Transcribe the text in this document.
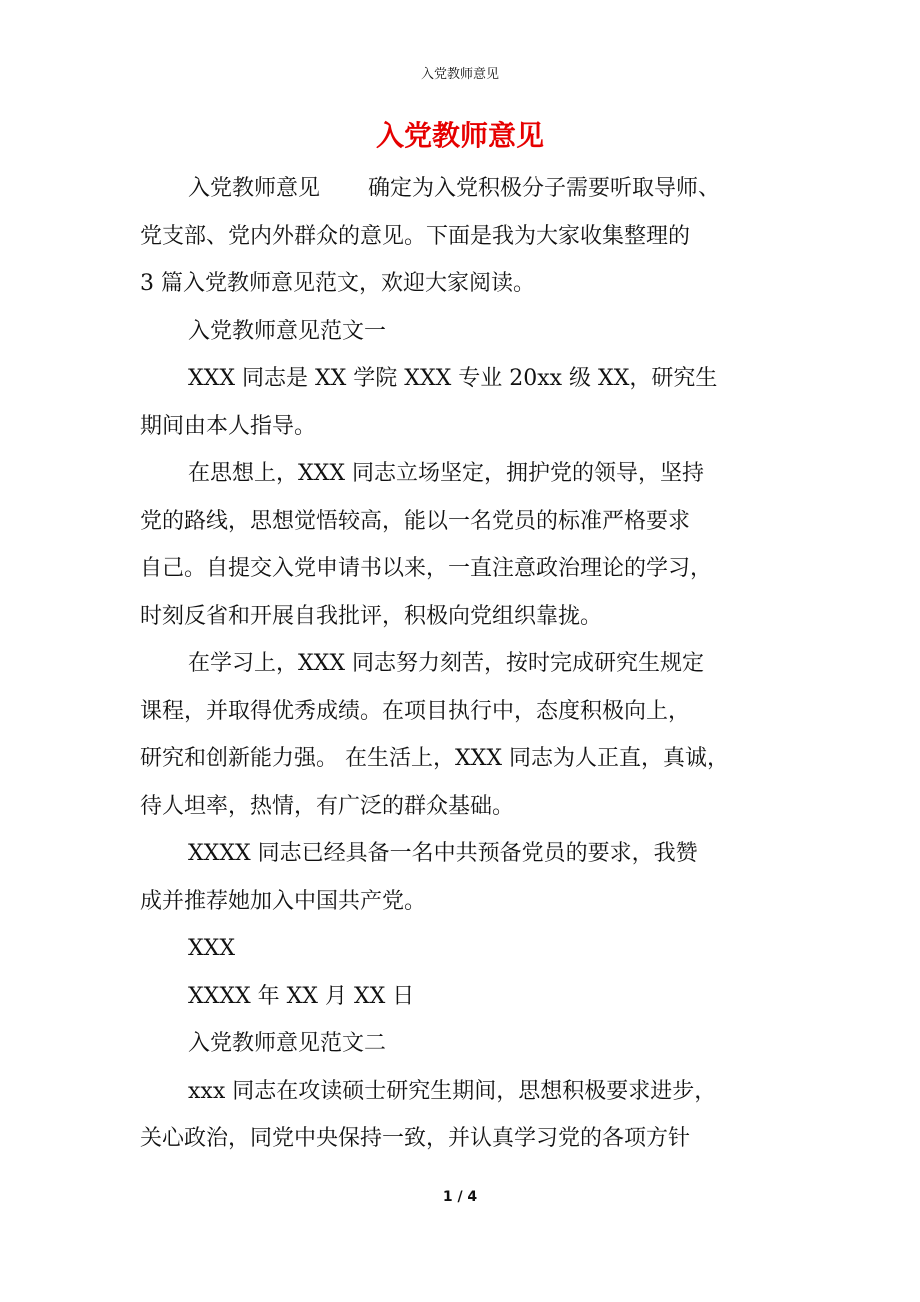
入党教师意见
入党教师意见
入党教师意见 确定为入党积极分子需要听取导师、
党支部、党内外群众的意见。下面是我为大家收集整理的
3 篇入党教师意见范文，欢迎大家阅读。
入党教师意见范文一
XXX 同志是 XX 学院 XXX 专业 20xx 级 XX，研究生
期间由本人指导。
在思想上，XXX 同志立场坚定，拥护党的领导，坚持
党的路线，思想觉悟较高，能以一名党员的标准严格要求
自己。自提交入党申请书以来，一直注意政治理论的学习，
时刻反省和开展自我批评，积极向党组织靠拢。
在学习上，XXX 同志努力刻苦，按时完成研究生规定
课程，并取得优秀成绩。在项目执行中，态度积极向上，
研究和创新能力强。 在生活上，XXX 同志为人正直，真诚，
待人坦率，热情，有广泛的群众基础。
XXXX 同志已经具备一名中共预备党员的要求，我赞
成并推荐她加入中国共产党。
XXX
XXXX 年 XX 月 XX 日
入党教师意见范文二
xxx 同志在攻读硕士研究生期间，思想积极要求进步，
关心政治，同党中央保持一致，并认真学习党的各项方针
1 / 4
